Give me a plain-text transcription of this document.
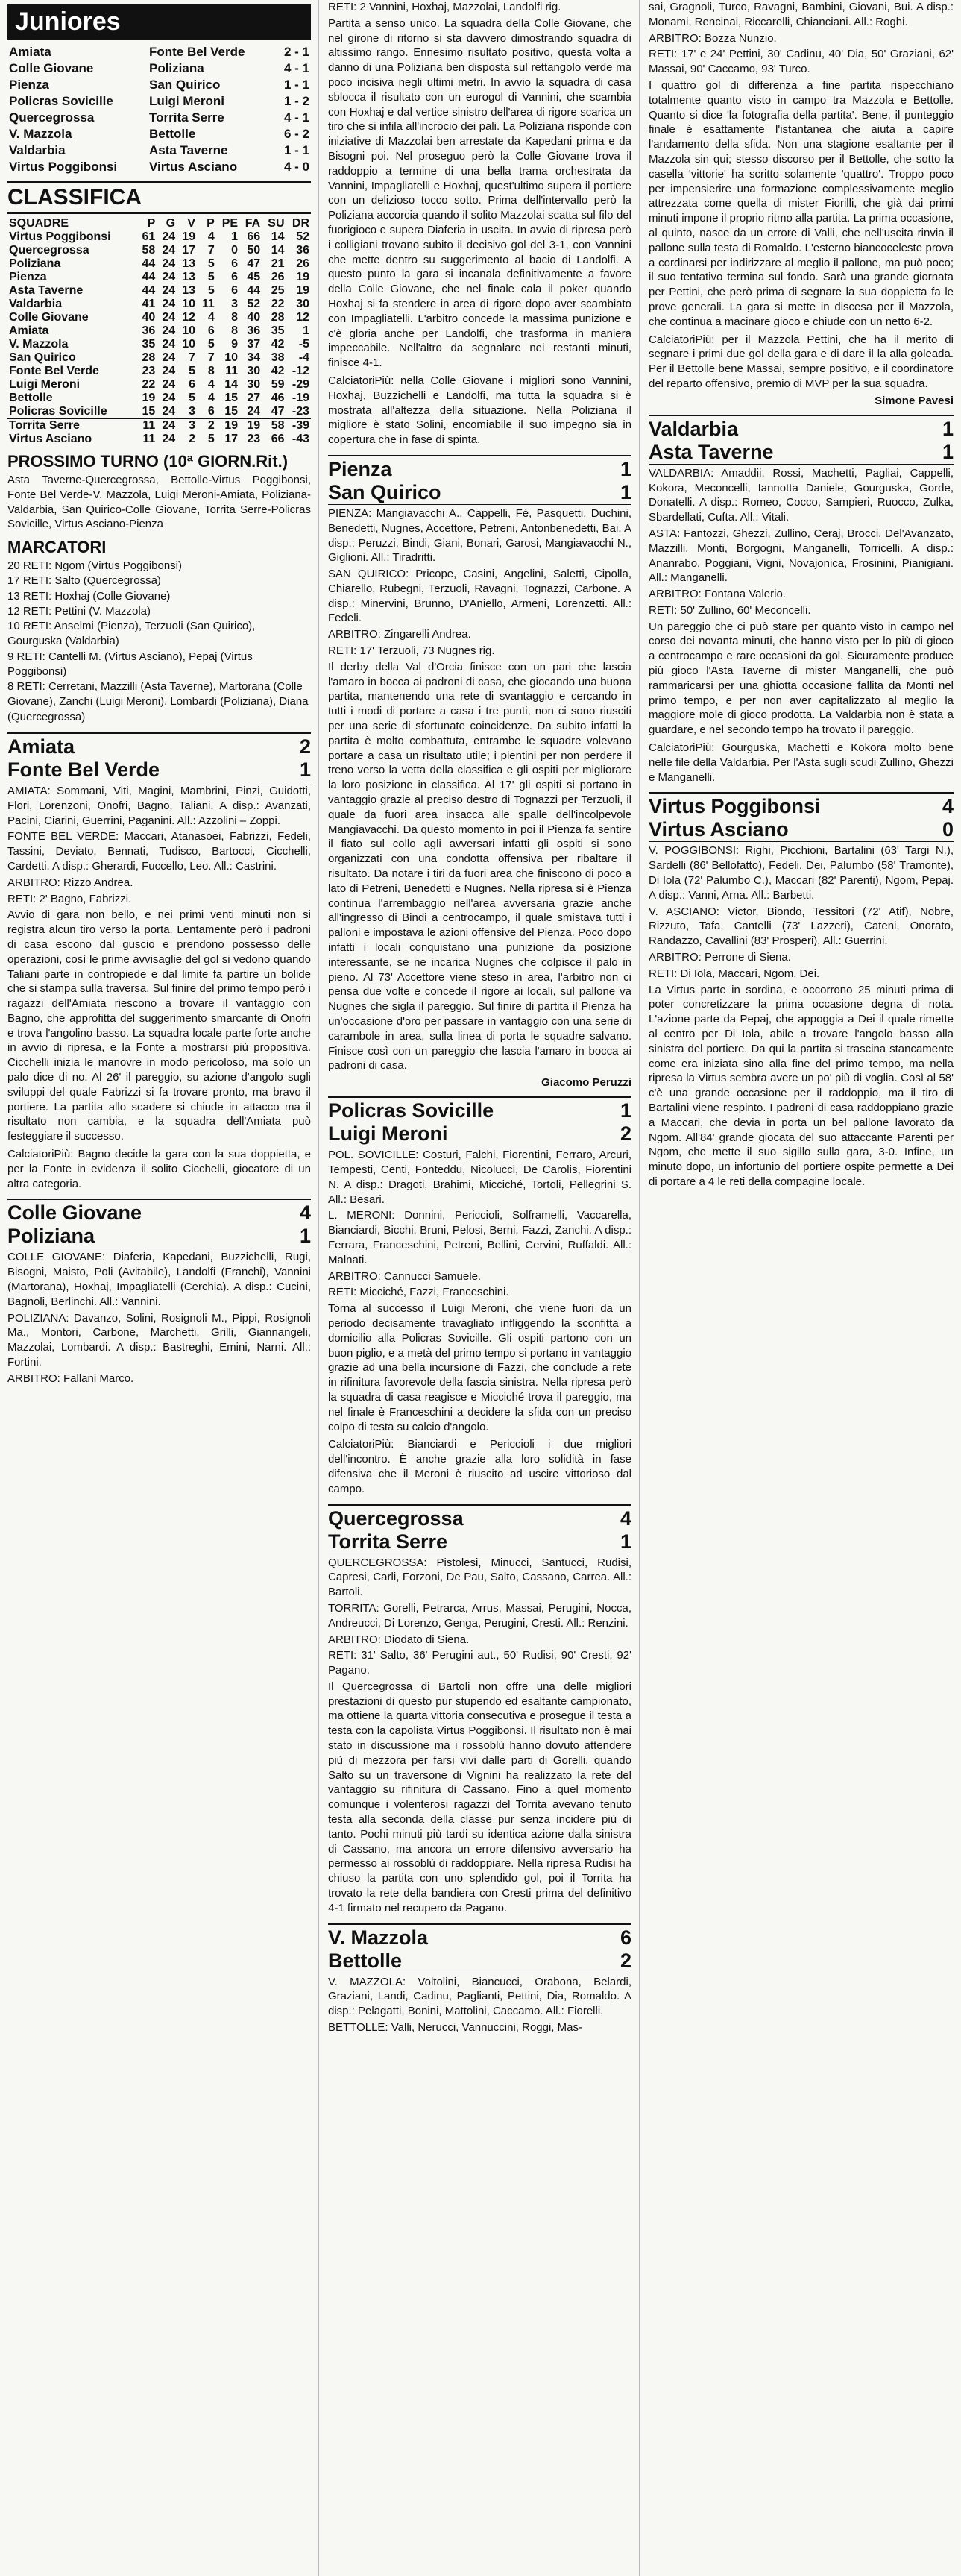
Juniores
Amiata	Fonte Bel Verde	2 - 1
Colle Giovane	Poliziana	4 - 1
Pienza	San Quirico	1 - 1
Policras Sovicille	Luigi Meroni	1 - 2
Quercegrossa	Torrita Serre	4 - 1
V. Mazzola	Bettolle	6 - 2
Valdarbia	Asta Taverne	1 - 1
Virtus Poggibonsi	Virtus Asciano	4 - 0
CLASSIFICA
SQUADRE	P	G	V	P	PE	FA	SU	DR
Virtus Poggibonsi	61	24	19	4	1	66	14	52
Quercegrossa	58	24	17	7	0	50	14	36
Poliziana	44	24	13	5	6	47	21	26
Pienza	44	24	13	5	6	45	26	19
Asta Taverne	44	24	13	5	6	44	25	19
Valdarbia	41	24	10	11	3	52	22	30
Colle Giovane	40	24	12	4	8	40	28	12
Amiata	36	24	10	6	8	36	35	1
V. Mazzola	35	24	10	5	9	37	42	-5
San Quirico	28	24	7	7	10	34	38	-4
Fonte Bel Verde	23	24	5	8	11	30	42	-12
Luigi Meroni	22	24	6	4	14	30	59	-29
Bettolle	19	24	5	4	15	27	46	-19
Policras Sovicille	15	24	3	6	15	24	47	-23
Torrita Serre	11	24	3	2	19	19	58	-39
Virtus Asciano	11	24	2	5	17	23	66	-43
PROSSIMO TURNO (10ª GIORN.Rit.)

Asta Taverne-Quercegrossa, Bettolle-Virtus Poggibonsi, Fonte Bel Verde-V. Mazzola, Luigi Meroni-Amiata, Poliziana-Valdarbia, San Quirico-Colle Giovane, Torrita Serre-Policras Sovicille, Virtus Asciano-Pienza

MARCATORI
20 RETI: Ngom (Virtus Poggibonsi)
17 RETI: Salto (Quercegrossa)
13 RETI: Hoxhaj (Colle Giovane)
12 RETI: Pettini (V. Mazzola)
10 RETI: Anselmi (Pienza), Terzuoli (San Quirico), Gourguska (Valdarbia)
9 RETI: Cantelli M. (Virtus Asciano), Pepaj (Virtus Poggibonsi)
8 RETI: Cerretani, Mazzilli (Asta Taverne), Martorana (Colle Giovane), Zanchi (Luigi Meroni), Lombardi (Poliziana), Diana (Quercegrossa)
Amiata	2
Fonte Bel Verde	1

AMIATA: Sommani, Viti, Magini, Mambrini, Pinzi, Guidotti, Flori, Lorenzoni, Onofri, Bagno, Taliani. A disp.: Avanzati, Pacini, Ciarini, Guerrini, Paganini. All.: Azzolini – Zoppi.

FONTE BEL VERDE: Maccari, Atanasoei, Fabrizzi, Fedeli, Tassini, Deviato, Bennati, Tudisco, Bartocci, Cicchelli, Cardetti. A disp.: Gherardi, Fuccello, Leo. All.: Castrini.

ARBITRO: Rizzo Andrea.

RETI: 2' Bagno, Fabrizzi.

Avvio di gara non bello, e nei primi venti minuti non si registra alcun tiro verso la porta. Lentamente però i padroni di casa escono dal guscio e prendono possesso delle operazioni, così le prime avvisaglie del gol si vedono quando Taliani parte in contropiede e dal limite fa partire un bolide che si stampa sulla traversa. Sul finire del primo tempo però i ragazzi dell'Amiata riescono a trovare il vantaggio con Bagno, che approfitta del suggerimento smarcante di Onofri e trova l'angolino basso. La squadra locale parte forte anche in avvio di ripresa, e la Fonte a mostrarsi più propositiva. Cicchelli inizia le manovre in modo pericoloso, ma solo un palo dice di no. Al 26' il pareggio, su azione d'angolo sugli sviluppi del quale Fabrizzi si fa trovare pronto, ma bravo il portiere. La partita allo scadere si chiude in attacco ma il risultato non cambia, e la squadra dell'Amiata può festeggiare il successo.

CalciatoriPiù: Bagno decide la gara con la sua doppietta, e per la Fonte in evidenza il solito Cicchelli, giocatore di un altra categoria.

Colle Giovane	4
Poliziana	1

COLLE GIOVANE: Diaferia, Kapedani, Buzzichelli, Rugi, Bisogni, Maisto, Poli (Avitabile), Landolfi (Franchi), Vannini (Martorana), Hoxhaj, Impagliatelli (Cerchia). A disp.: Cucini, Bagnoli, Berlinchi. All.: Vannini.

POLIZIANA: Davanzo, Solini, Rosignoli M., Pippi, Rosignoli Ma., Montori, Carbone, Marchetti, Grilli, Giannangeli, Mazzolai, Lombardi. A disp.: Bastreghi, Emini, Narni. All.: Fortini.

ARBITRO: Fallani Marco.

RETI: 2 Vannini, Hoxhaj, Mazzolai, Landolfi rig.

Partita a senso unico. La squadra della Colle Giovane, che nel girone di ritorno si sta davvero dimostrando squadra di altissimo rango. Ennesimo risultato positivo, questa volta a danno di una Poliziana ben disposta sul rettangolo verde ma poco incisiva negli ultimi metri. In avvio la squadra di casa sblocca il risultato con un eurogol di Vannini, che scambia con Hoxhaj e dal vertice sinistro dell'area di rigore scarica un tiro che si infila all'incrocio dei pali. La Poliziana risponde con iniziative di Mazzolai ben arrestate da Kapedani prima e da Bisogni poi. Nel proseguo però la Colle Giovane trova il raddoppio a termine di una bella trama orchestrata da Vannini, Impagliatelli e Hoxhaj, quest'ultimo supera il portiere con un delizioso tocco sotto. Prima dell'intervallo però la Poliziana accorcia quando il solito Mazzolai scatta sul filo del fuorigioco e supera Diaferia in uscita. In avvio di ripresa però i colligiani trovano subito il decisivo gol del 3-1, con Vannini che mette dentro su suggerimento al bacio di Landolfi. A questo punto la gara si incanala definitivamente a favore della Colle Giovane, che nel finale cala il poker quando Hoxhaj si fa stendere in area di rigore dopo aver scambiato con Impagliatelli. L'arbitro concede la massima punizione e c'è gloria anche per Landolfi, che trasforma in maniera impeccabile. Nell'altro da segnalare nei restanti minuti, finisce 4-1.

CalciatoriPiù: nella Colle Giovane i migliori sono Vannini, Hoxhaj, Buzzichelli e Landolfi, ma tutta la squadra si è mostrata all'altezza della situazione. Nella Poliziana il migliore è stato Solini, encomiabile il suo impegno sia in copertura che in fase di spinta.

Pienza	1
San Quirico	1

PIENZA: Mangiavacchi A., Cappelli, Fè, Pasquetti, Duchini, Benedetti, Nugnes, Accettore, Petreni, Antonbenedetti, Bai. A disp.: Peruzzi, Bindi, Giani, Bonari, Garosi, Mangiavacchi N., Giglioni. All.: Tiradritti.

SAN QUIRICO: Pricope, Casini, Angelini, Saletti, Cipolla, Chiarello, Rubegni, Terzuoli, Ravagni, Tognazzi, Carbone. A disp.: Minervini, Brunno, D'Aniello, Armeni, Lorenzetti. All.: Fedeli.

ARBITRO: Zingarelli Andrea.

RETI: 17' Terzuoli, 73 Nugnes rig.

Il derby della Val d'Orcia finisce con un pari che lascia l'amaro in bocca ai padroni di casa, che giocando una buona partita, mantenendo una rete di svantaggio e cercando in tutti i modi di portare a casa i tre punti, non ci sono riusciti per una serie di sfortunate coincidenze. Da subito infatti la partita è molto combattuta, entrambe le squadre volevano portare a casa un risultato utile; i pientini per non perdere il treno verso la vetta della classifica e gli ospiti per migliorare la loro posizione in classifica. Al 17' gli ospiti si portano in vantaggio grazie al preciso destro di Tognazzi per Terzuoli, il quale da fuori area insacca alle spalle dell'incolpevole Mangiavacchi. Da questo momento in poi il Pienza fa sentire il fiato sul collo agli avversari infatti gli ospiti si sono organizzati con una condotta offensiva per ribaltare il risultato. Da notare i tiri da fuori area che finiscono di poco a lato di Petreni, Benedetti e Nugnes. Nella ripresa si è Pienza continua l'arrembaggio nell'area avversaria grazie anche all'ingresso di Bindi a centrocampo, il quale smistava tutti i palloni e impostava le azioni offensive del Pienza. Poco dopo infatti i locali conquistano una punizione da posizione interessante, se ne incarica Nugnes che colpisce il palo in pieno. Al 73' Accettore viene steso in area, l'arbitro non ci pensa due volte e concede il rigore ai locali, sul pallone va Nugnes che sigla il pareggio. Sul finire di partita il Pienza ha un'occasione d'oro per passare in vantaggio con una serie di carambole in area, sulla linea di porta le squadre salvano. Finisce così con un pareggio che lascia l'amaro in bocca ai padroni di casa.

Giacomo Peruzzi
Policras Sovicille	1
Luigi Meroni	2

POL. SOVICILLE: Costuri, Falchi, Fiorentini, Ferraro, Arcuri, Tempesti, Centi, Fonteddu, Nicolucci, De Carolis, Fiorentini N. A disp.: Dragoti, Brahimi, Micciché, Tortoli, Pellegrini S. All.: Besari.

L. MERONI: Donnini, Periccioli, Solframelli, Vaccarella, Bianciardi, Bicchi, Bruni, Pelosi, Berni, Fazzi, Zanchi. A disp.: Ferrara, Franceschini, Petreni, Bellini, Cervini, Ruffaldi. All.: Malnati.

ARBITRO: Cannucci Samuele.

RETI: Micciché, Fazzi, Franceschini.

Torna al successo il Luigi Meroni, che viene fuori da un periodo decisamente travagliato infliggendo la sconfitta a domicilio alla Policras Sovicille. Gli ospiti partono con un buon piglio, e a metà del primo tempo si portano in vantaggio grazie ad una bella incursione di Fazzi, che conclude a rete in rifinitura favorevole della fascia sinistra. Nella ripresa però la squadra di casa reagisce e Micciché trova il pareggio, ma nel finale è Franceschini a decidere la sfida con un preciso colpo di testa su calcio d'angolo.

CalciatoriPiù: Bianciardi e Periccioli i due migliori dell'incontro. È anche grazie alla loro solidità in fase difensiva che il Meroni è riuscito ad uscire vittorioso dal campo.

Quercegrossa	4
Torrita Serre	1

QUERCEGROSSA: Pistolesi, Minucci, Santucci, Rudisi, Capresi, Carli, Forzoni, De Pau, Salto, Cassano, Carrea. All.: Bartoli.

TORRITA: Gorelli, Petrarca, Arrus, Massai, Perugini, Nocca, Andreucci, Di Lorenzo, Genga, Perugini, Cresti. All.: Renzini.

ARBITRO: Diodato di Siena.

RETI: 31' Salto, 36' Perugini aut., 50' Rudisi, 90' Cresti, 92' Pagano.

Il Quercegrossa di Bartoli non offre una delle migliori prestazioni di questo pur stupendo ed esaltante campionato, ma ottiene la quarta vittoria consecutiva e prosegue il testa a testa con la capolista Virtus Poggibonsi. Il risultato non è mai stato in discussione ma i rossoblù hanno dovuto attendere più di mezzora per farsi vivi dalle parti di Gorelli, quando Salto su un traversone di Vignini ha realizzato la rete del vantaggio su rifinitura di Cassano. Fino a quel momento comunque i volenterosi ragazzi del Torrita avevano tenuto testa alla seconda della classe pur senza incidere più di tanto. Pochi minuti più tardi su identica azione dalla sinistra di Cassano, ma ancora un errore difensivo avversario ha permesso ai rossoblù di raddoppiare. Nella ripresa Rudisi ha chiuso la partita con uno splendido gol, poi il Torrita ha trovato la rete della bandiera con Cresti prima del definitivo 4-1 firmato nel recupero da Pagano.

V. Mazzola	6
Bettolle	2

V. MAZZOLA: Voltolini, Biancucci, Orabona, Belardi, Graziani, Landi, Cadinu, Paglianti, Pettini, Dia, Romaldo. A disp.: Pelagatti, Bonini, Mattolini, Caccamo. All.: Fiorelli.

BETTOLLE: Valli, Nerucci, Vannuccini, Roggi, Mas-

sai, Gragnoli, Turco, Ravagni, Bambini, Giovani, Bui. A disp.: Monami, Rencinai, Riccarelli, Chianciani. All.: Roghi.

ARBITRO: Bozza Nunzio.

RETI: 17' e 24' Pettini, 30' Cadinu, 40' Dia, 50' Graziani, 62' Massai, 90' Caccamo, 93' Turco.

I quattro gol di differenza a fine partita rispecchiano totalmente quanto visto in campo tra Mazzola e Bettolle. Quanto si dice 'la fotografia della partita'. Bene, il punteggio finale è esattamente l'istantanea che aiuta a capire l'andamento della sfida. Non una stagione esaltante per il Mazzola sin qui; stesso discorso per il Bettolle, che sotto la casella 'vittorie' ha scritto solamente 'quattro'. Troppo poco per impensierire una formazione complessivamente meglio attrezzata come quella di mister Fiorilli, che già dai primi minuti impone il proprio ritmo alla partita. La prima occasione, al quinto, nasce da un errore di Valli, che nell'uscita rinvia il pallone sulla testa di Romaldo. L'esterno biancoceleste prova a cordinarsi per indirizzare al meglio il pallone, ma può poco; il suo tentativo termina sul fondo. Sarà una grande giornata per Pettini, che però prima di segnare la sua doppietta fa le prove generali. La gara si mette in discesa per il Mazzola, che continua a macinare gioco e chiude con un netto 6-2.

CalciatoriPiù: per il Mazzola Pettini, che ha il merito di segnare i primi due gol della gara e di dare il la alla goleada. Per il Bettolle bene Massai, sempre positivo, e il coordinatore del reparto offensivo, premio di MVP per la sua squadra.

Simone Pavesi
Valdarbia	1
Asta Taverne	1

VALDARBIA: Amaddii, Rossi, Machetti, Pagliai, Cappelli, Kokora, Meconcelli, Iannotta Daniele, Gourguska, Gorde, Donatelli. A disp.: Romeo, Cocco, Sampieri, Ruocco, Zulka, Sbardellati, Cufta. All.: Vitali.

ASTA: Fantozzi, Ghezzi, Zullino, Ceraj, Brocci, Del'Avanzato, Mazzilli, Monti, Borgogni, Manganelli, Torricelli. A disp.: Ananrabo, Poggiani, Vigni, Novajonica, Frosinini, Pianigiani. All.: Manganelli.

ARBITRO: Fontana Valerio.

RETI: 50' Zullino, 60' Meconcelli.

Un pareggio che ci può stare per quanto visto in campo nel corso dei novanta minuti, che hanno visto per lo più di gioco a centrocampo e rare occasioni da gol. Sicuramente produce più gioco l'Asta Taverne di mister Manganelli, che può rammaricarsi per una ghiotta occasione fallita da Monti nel primo tempo, e per non aver capitalizzato al meglio la maggiore mole di gioco prodotta. La Valdarbia non è stata a guardare, e nel secondo tempo ha trovato il pareggio.

CalciatoriPiù: Gourguska, Machetti e Kokora molto bene nelle file della Valdarbia. Per l'Asta sugli scudi Zullino, Ghezzi e Manganelli.

Virtus Poggibonsi	4
Virtus Asciano	0

V. POGGIBONSI: Righi, Picchioni, Bartalini (63' Targi N.), Sardelli (86' Bellofatto), Fedeli, Dei, Palumbo (58' Tramonte), Di Iola (72' Palumbo C.), Maccari (82' Parenti), Ngom, Pepaj. A disp.: Vanni, Arna. All.: Barbetti.

V. ASCIANO: Victor, Biondo, Tessitori (72' Atif), Nobre, Rizzuto, Tafa, Cantelli (73' Lazzeri), Cateni, Onorato, Randazzo, Cavallini (83' Prosperi). All.: Guerrini.

ARBITRO: Perrone di Siena.

RETI: Di Iola, Maccari, Ngom, Dei.

La Virtus parte in sordina, e occorrono 25 minuti prima di poter concretizzare la prima occasione degna di nota. L'azione parte da Pepaj, che appoggia a Dei il quale rimette al centro per Di Iola, abile a trovare l'angolo basso alla sinistra del portiere. Da qui la partita si trascina stancamente come era iniziata sino alla fine del primo tempo, ma nella ripresa la Virtus sembra avere un po' più di voglia. Così al 58' c'è una grande occasione per il raddoppio, ma il tiro di Bartalini viene respinto. I padroni di casa raddoppiano grazie a Maccari, che devia in porta un bel pallone lavorato da Ngom. All'84' grande giocata del suo attaccante Parenti per Ngom, che mette il suo sigillo sulla gara, 3-0. Infine, un minuto dopo, un infortunio del portiere ospite permette a Dei di portare a 4 le reti della compagine locale.
